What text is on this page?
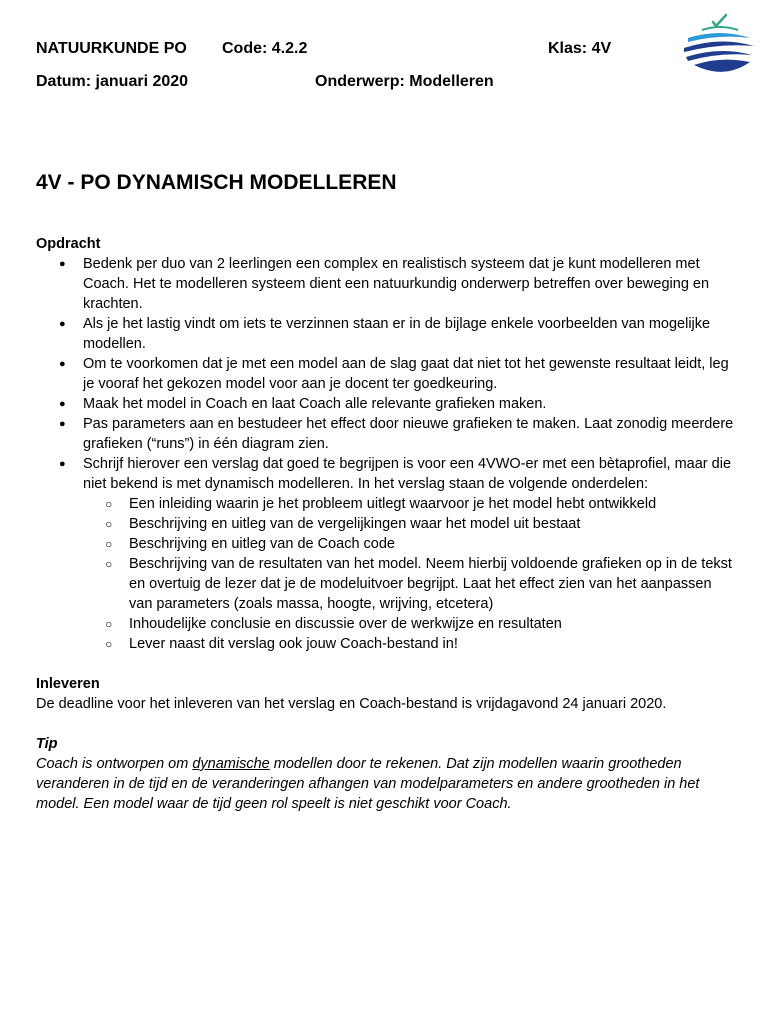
NATUURKUNDE PO Code: 4.2.2	Klas: 4V
Datum: januari 2020	Onderwerp: Modelleren
4V - PO DYNAMISCH MODELLEREN

Opdracht

● Bedenk per duo van 2 leerlingen een complex en realistisch systeem dat je kunt modelleren met Coach. Het te modelleren systeem dient een natuurkundig onderwerp betreffen over beweging en krachten.
● Als je het lastig vindt om iets te verzinnen staan er in de bijlage enkele voorbeelden van mogelijke modellen.
● Om te voorkomen dat je met een model aan de slag gaat dat niet tot het gewenste resultaat leidt, leg je vooraf het gekozen model voor aan je docent ter goedkeuring.
● Maak het model in Coach en laat Coach alle relevante grafieken maken.
● Pas parameters aan en bestudeer het effect door nieuwe grafieken te maken. Laat zonodig meerdere grafieken (“runs”) in één diagram zien.
● Schrijf hierover een verslag dat goed te begrijpen is voor een 4VWO-er met een bètaprofiel, maar die niet bekend is met dynamisch modelleren. In het verslag staan de volgende onderdelen:
○ Een inleiding waarin je het probleem uitlegt waarvoor je het model hebt ontwikkeld
○ Beschrijving en uitleg van de vergelijkingen waar het model uit bestaat
○ Beschrijving en uitleg van de Coach code
○ Beschrijving van de resultaten van het model. Neem hierbij voldoende grafieken op in de tekst en overtuig de lezer dat je de modeluitvoer begrijpt. Laat het effect zien van het aanpassen van parameters (zoals massa, hoogte, wrijving, etcetera)
○ Inhoudelijke conclusie en discussie over de werkwijze en resultaten
○ Lever naast dit verslag ook jouw Coach-bestand in!

Inleveren

De deadline voor het inleveren van het verslag en Coach-bestand is vrijdagavond 24 januari 2020.

Tip

Coach is ontworpen om dynamische modellen door te rekenen. Dat zijn modellen waarin grootheden veranderen in de tijd en de veranderingen afhangen van modelparameters en andere grootheden in het model. Een model waar de tijd geen rol speelt is niet geschikt voor Coach.
